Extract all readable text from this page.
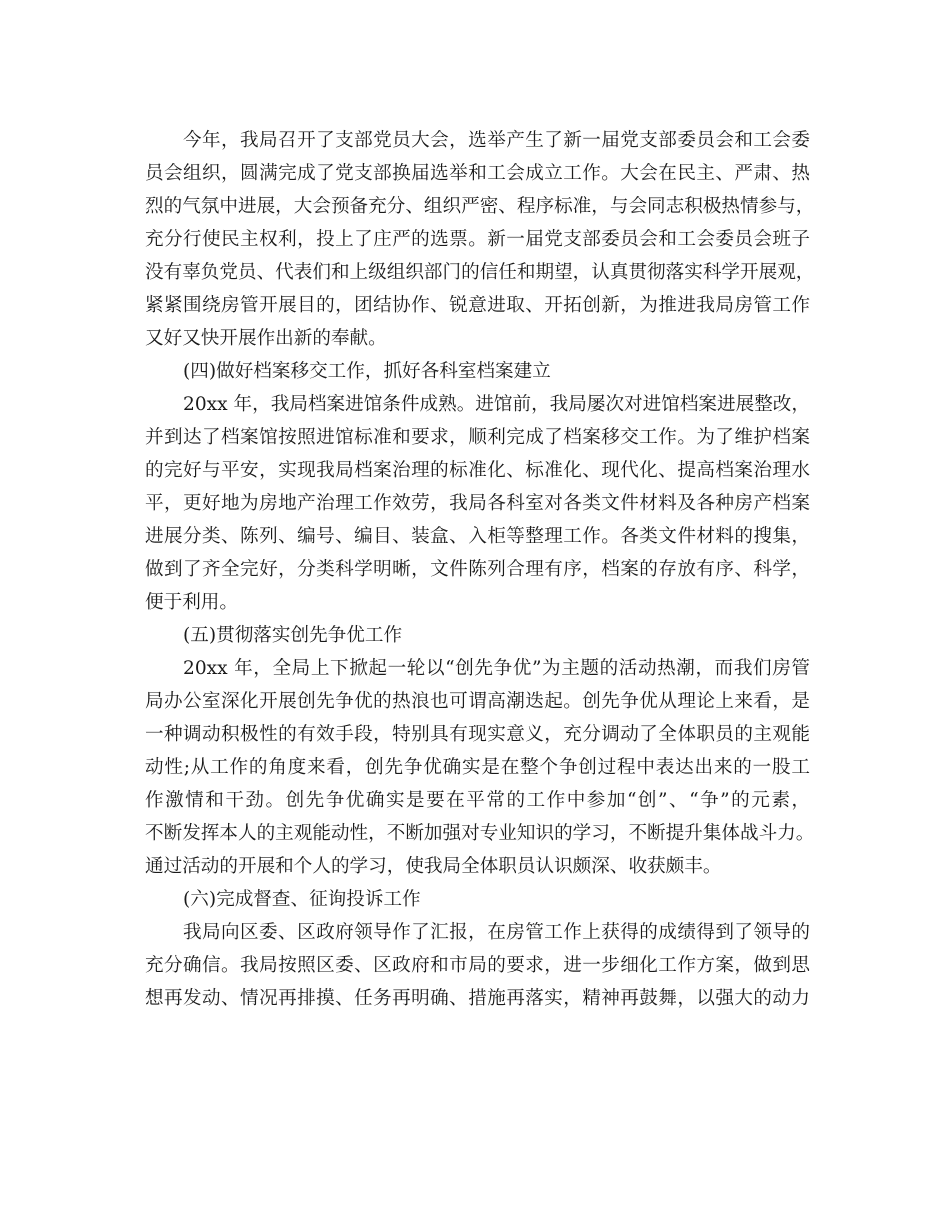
今年，我局召开了支部党员大会，选举产生了新一届党支部委员会和工会委
员会组织，圆满完成了党支部换届选举和工会成立工作。大会在民主、严肃、热
烈的气氛中进展，大会预备充分、组织严密、程序标准，与会同志积极热情参与，
充分行使民主权利，投上了庄严的选票。新一届党支部委员会和工会委员会班子
没有辜负党员、代表们和上级组织部门的信任和期望，认真贯彻落实科学开展观，
紧紧围绕房管开展目的，团结协作、锐意进取、开拓创新，为推进我局房管工作
又好又快开展作出新的奉献。
(四)做好档案移交工作，抓好各科室档案建立
20xx 年，我局档案进馆条件成熟。进馆前，我局屡次对进馆档案进展整改，
并到达了档案馆按照进馆标准和要求，顺利完成了档案移交工作。为了维护档案
的完好与平安，实现我局档案治理的标准化、标准化、现代化、提高档案治理水
平，更好地为房地产治理工作效劳，我局各科室对各类文件材料及各种房产档案
进展分类、陈列、编号、编目、装盒、入柜等整理工作。各类文件材料的搜集，
做到了齐全完好，分类科学明晰，文件陈列合理有序，档案的存放有序、科学，
便于利用。
(五)贯彻落实创先争优工作
20xx 年，全局上下掀起一轮以“创先争优”为主题的活动热潮，而我们房管
局办公室深化开展创先争优的热浪也可谓高潮迭起。创先争优从理论上来看，是
一种调动积极性的有效手段，特别具有现实意义，充分调动了全体职员的主观能
动性;从工作的角度来看，创先争优确实是在整个争创过程中表达出来的一股工
作激情和干劲。创先争优确实是要在平常的工作中参加“创”、“争”的元素，
不断发挥本人的主观能动性，不断加强对专业知识的学习，不断提升集体战斗力。
通过活动的开展和个人的学习，使我局全体职员认识颇深、收获颇丰。
(六)完成督查、征询投诉工作
我局向区委、区政府领导作了汇报，在房管工作上获得的成绩得到了领导的
充分确信。我局按照区委、区政府和市局的要求，进一步细化工作方案，做到思
想再发动、情况再排摸、任务再明确、措施再落实，精神再鼓舞，以强大的动力
